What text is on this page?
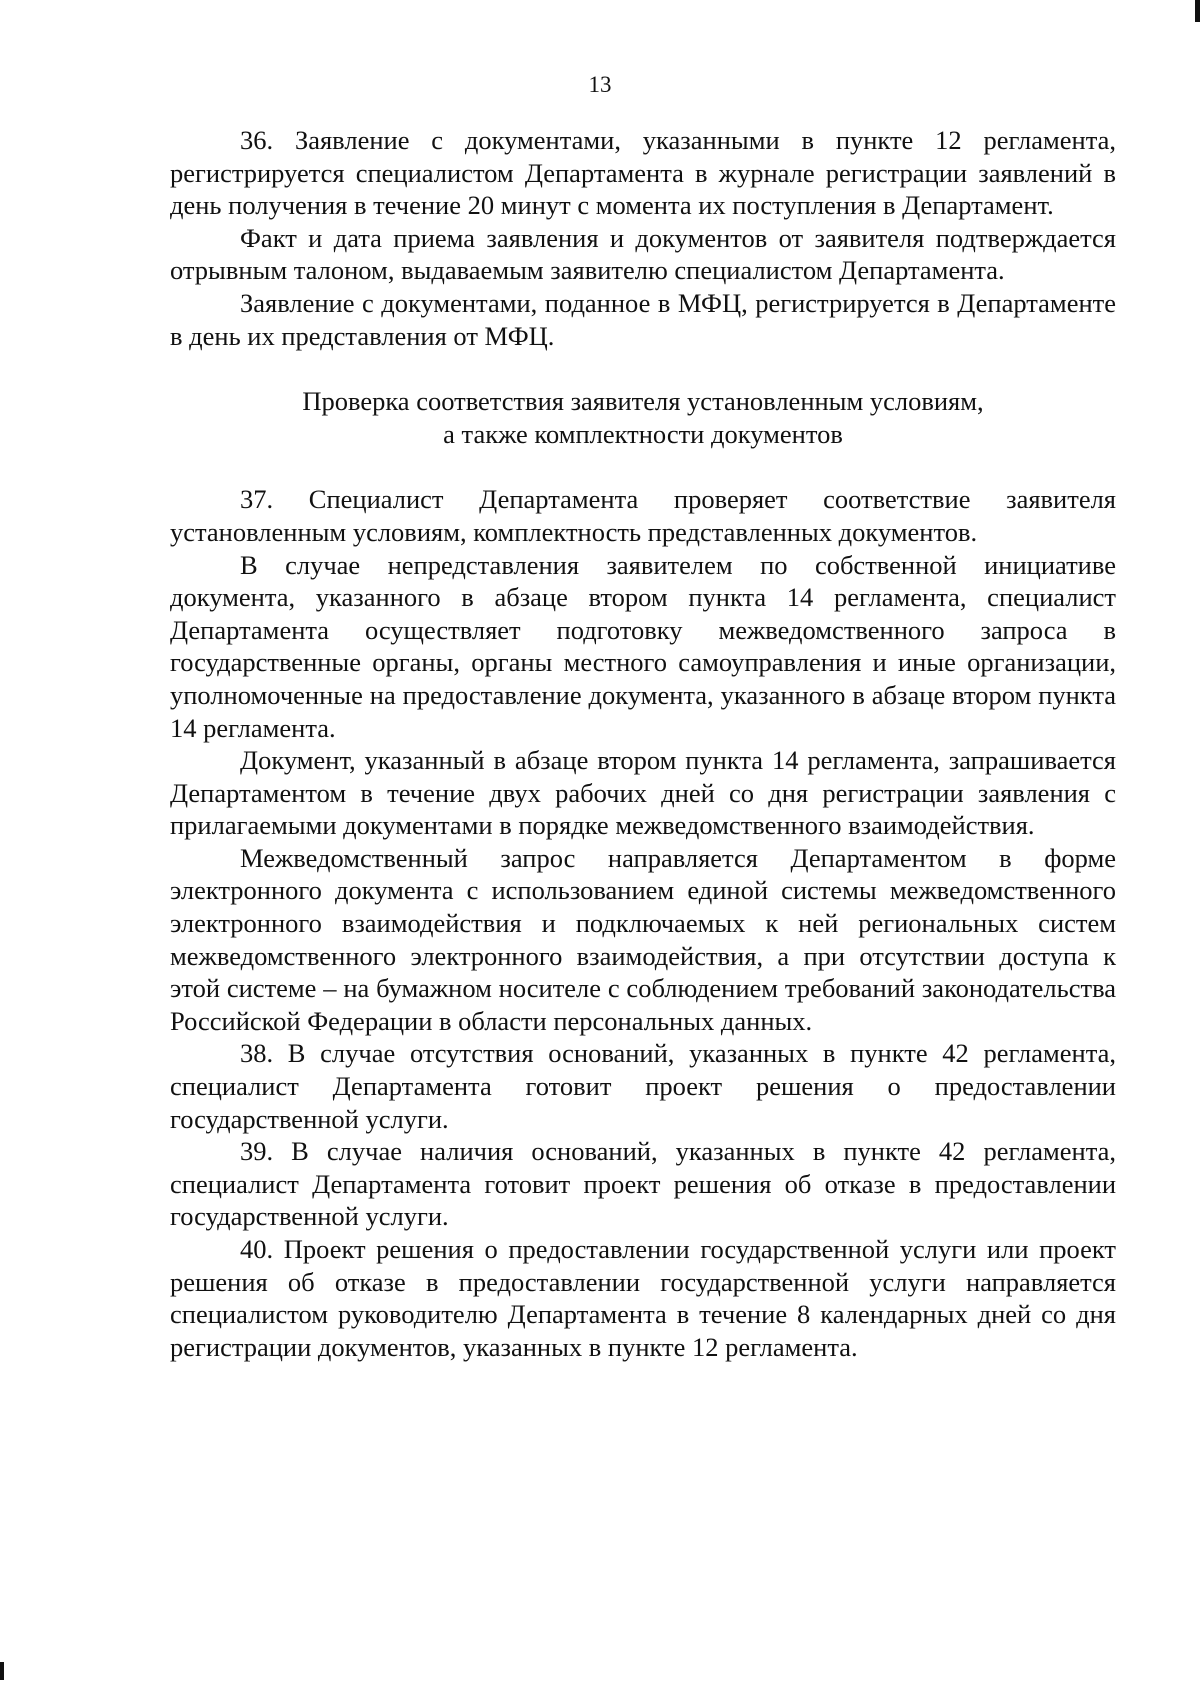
13

36. Заявление с документами, указанными в пункте 12 регламента, регистрируется специалистом Департамента в журнале регистрации заявлений в день получения в течение 20 минут с момента их поступления в Департамент.

Факт и дата приема заявления и документов от заявителя подтверждается отрывным талоном, выдаваемым заявителю специалистом Департамента.

Заявление с документами, поданное в МФЦ, регистрируется в Департаменте в день их представления от МФЦ.

Проверка соответствия заявителя установленным условиям,
а также комплектности документов

37. Специалист Департамента проверяет соответствие заявителя установленным условиям, комплектность представленных документов.

В случае непредставления заявителем по собственной инициативе документа, указанного в абзаце втором пункта 14 регламента, специалист Департамента осуществляет подготовку межведомственного запроса в государственные органы, органы местного самоуправления и иные организации, уполномоченные на предоставление документа, указанного в абзаце втором пункта 14 регламента.

Документ, указанный в абзаце втором пункта 14 регламента, запрашивается Департаментом в течение двух рабочих дней со дня регистрации заявления с прилагаемыми документами в порядке межведомственного взаимодействия.

Межведомственный запрос направляется Департаментом в форме электронного документа с использованием единой системы межведомственного электронного взаимодействия и подключаемых к ней региональных систем межведомственного электронного взаимодействия, а при отсутствии доступа к этой системе – на бумажном носителе с соблюдением требований законодательства Российской Федерации в области персональных данных.

38. В случае отсутствия оснований, указанных в пункте 42 регламента, специалист Департамента готовит проект решения о предоставлении государственной услуги.

39. В случае наличия оснований, указанных в пункте 42 регламента, специалист Департамента готовит проект решения об отказе в предоставлении государственной услуги.

40. Проект решения о предоставлении государственной услуги или проект решения об отказе в предоставлении государственной услуги направляется специалистом руководителю Департамента в течение 8 календарных дней со дня регистрации документов, указанных в пункте 12 регламента.
